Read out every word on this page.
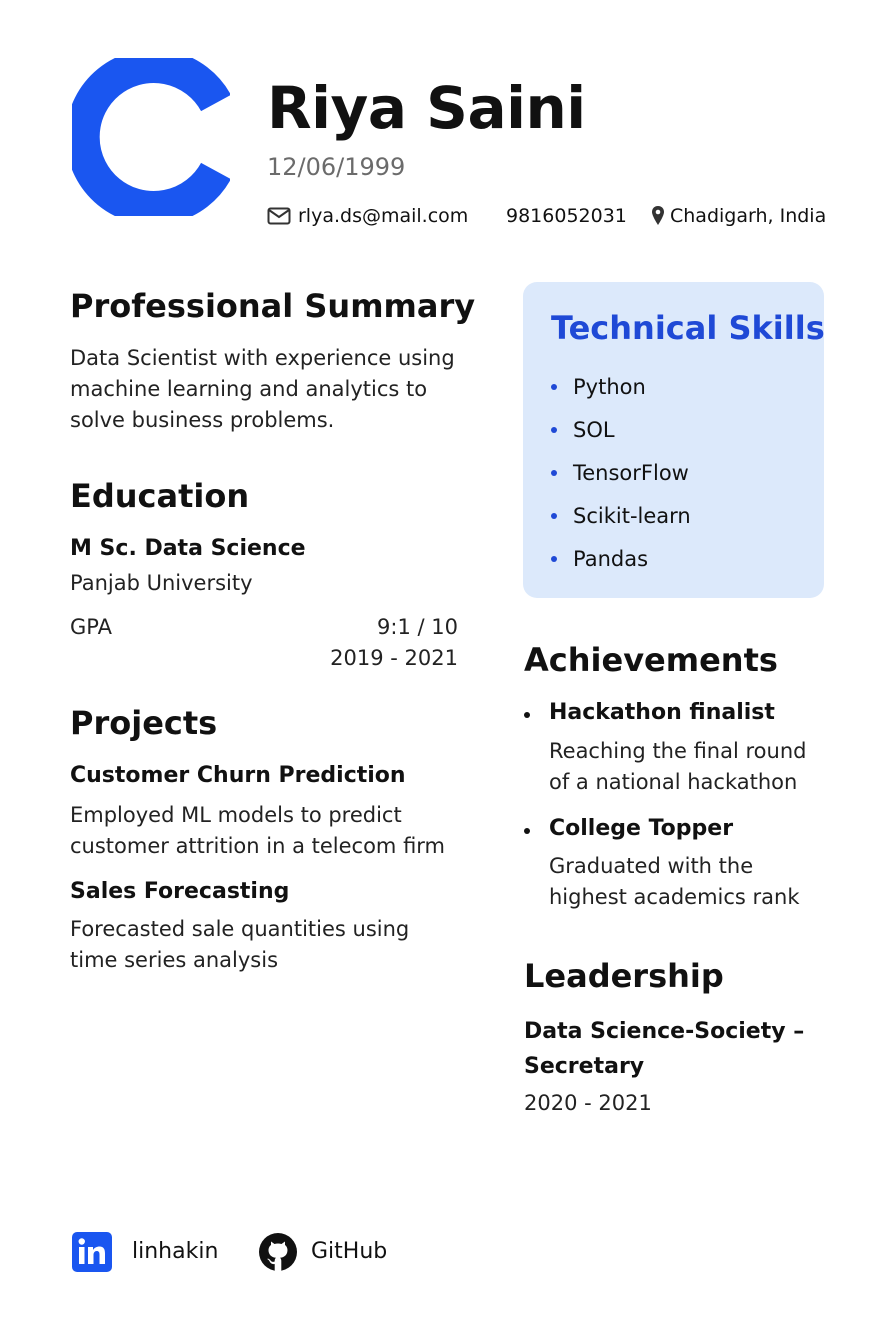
Riya Saini
12/06/1999
rlya.ds@mail.com 9816052031 Chadigarh, India
Professional Summary
Data Scientist with experience using
machine learning and analytics to
solve business problems.
Education
M Sc. Data Science
Panjab University
GPA	9:1 / 10
2019 - 2021
Projects
Customer Churn Prediction
Employed ML models to predict
customer attrition in a telecom firm
Sales Forecasting
Forecasted sale quantities using
time series analysis
Technical Skills
Python
SOL
TensorFlow
Scikit-learn
Pandas
Achievements
Hackathon finalist
Reaching the final round
of a national hackathon
College Topper
Graduated with the
highest academics rank
Leadership
Data Science-Society –
Secretary
2020 - 2021
linhakin	GitHub
